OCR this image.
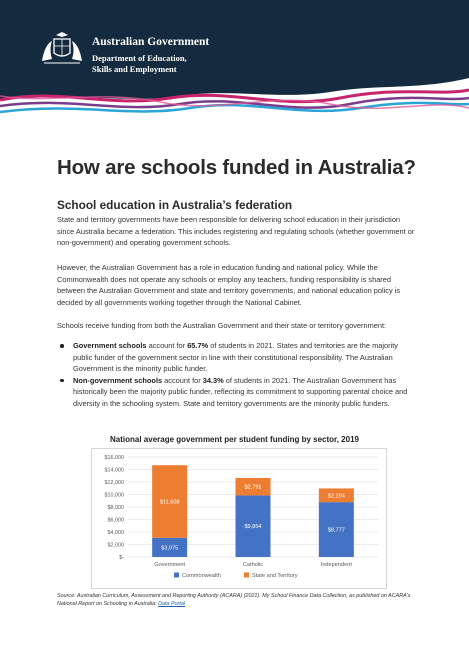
Australian Government
Department of Education,
Skills and Employment
How are schools funded in Australia?
School education in Australia’s federation

State and territory governments have been responsible for delivering school education in their jurisdiction since Australia became a federation. This includes registering and regulating schools (whether government or non-government) and operating government schools.

However, the Australian Government has a role in education funding and national policy. While the Commonwealth does not operate any schools or employ any teachers, funding responsibility is shared between the Australian Government and state and territory governments, and national education policy is decided by all governments working together through the National Cabinet.

Schools receive funding from both the Australian Government and their state or territory government:

Government schools account for 65.7% of students in 2021. States and territories are the majority public funder of the government sector in line with their constitutional responsibility. The Australian Government is the minority public funder.
Non-government schools account for 34.3% of students in 2021. The Australian Government has historically been the majority public funder, reflecting its commitment to supporting parental choice and diversity in the schooling system. State and territory governments are the minority public funders.
National average government per student funding by sector, 2019
$16,000
$14,000
$12,000
$10,000
$8,000
$6,000
$4,000
$2,000
$-
$3,075
$11,608
Government
$9,854
$2,791
Catholic
$8,777
$2,194
Independent
Commonwealth	State and Territory
Source: Australian Curriculum, Assessment and Reporting Authority (ACARA) (2021). My School Finance Data Collection, as published on ACARA's National Report on Schooling in Australia: Data Portal
